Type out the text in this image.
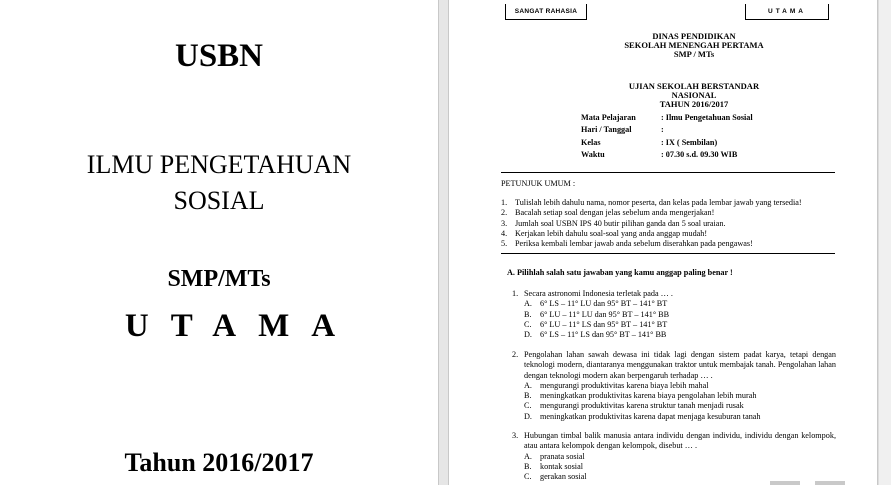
USBN
ILMU PENGETAHUAN
SOSIAL
SMP/MTs
UTAMA
Tahun 2016/2017
SANGAT RAHASIA	UTAMA
DINAS PENDIDIKAN
SEKOLAH MENENGAH PERTAMA
SMP / MTs
UJIAN SEKOLAH BERSTANDAR NASIONAL
TAHUN 2016/2017
Mata Pelajaran	: Ilmu Pengetahuan Sosial
Hari / Tanggal	:
Kelas	: IX ( Sembilan)
Waktu	: 07.30 s.d. 09.30 WIB
PETUNJUK UMUM :
1. Tulislah lebih dahulu nama, nomor peserta, dan kelas pada lembar jawab yang tersedia!
2. Bacalah setiap soal dengan jelas sebelum anda mengerjakan!
3. Jumlah soal USBN IPS 40 butir pilihan ganda dan 5 soal uraian.
4. Kerjakan lebih dahulu soal-soal yang anda anggap mudah!
5. Periksa kembali lembar jawab anda sebelum diserahkan pada pengawas!
A. Pilihlah salah satu jawaban yang kamu anggap paling benar !
1. Secara astronomi Indonesia terletak pada … .
A. 6° LS – 11° LU dan 95° BT – 141° BT
B.	6° LU – 11° LU dan 95° BT – 141° BB
C.	6° LU – 11° LS dan 95° BT – 141° BT
D. 6° LS – 11° LS dan 95° BT – 141° BB
2. Pengolahan lahan sawah dewasa ini tidak lagi dengan sistem padat karya, tetapi dengan teknologi modern, diantaranya menggunakan traktor untuk membajak tanah. Pengolahan lahan dengan teknologi modern akan berpengaruh terhadap … .
A. mengurangi produktivitas karena biaya lebih mahal
B.	meningkatkan produktivitas karena biaya pengolahan lebih murah
C.	mengurangi produktivitas karena struktur tanah menjadi rusak
D. meningkatkan produktivitas karena dapat menjaga kesuburan tanah
3. Hubungan timbal balik manusia antara individu dengan individu, individu dengan kelompok, atau antara kelompok dengan kelompok, disebut … .
A. pranata sosial
B.	kontak sosial
C.	gerakan sosial
